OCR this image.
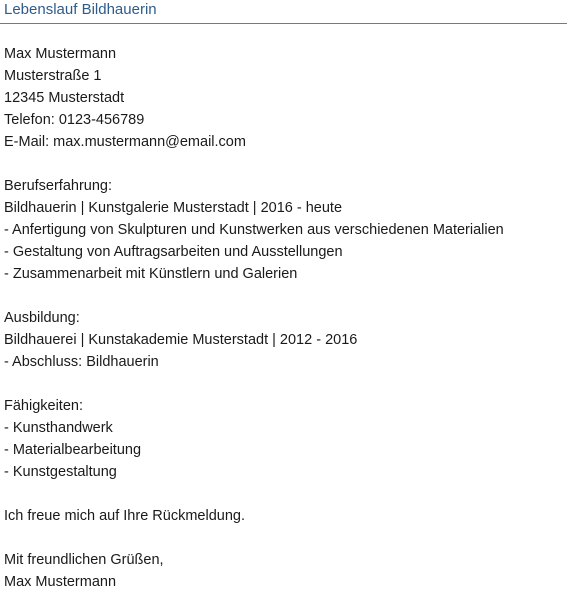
Lebenslauf Bildhauerin
Max Mustermann
Musterstraße 1
12345 Musterstadt
Telefon: 0123-456789
E-Mail: max.mustermann@email.com
Berufserfahrung:
Bildhauerin | Kunstgalerie Musterstadt | 2016 - heute
- Anfertigung von Skulpturen und Kunstwerken aus verschiedenen Materialien
- Gestaltung von Auftragsarbeiten und Ausstellungen
- Zusammenarbeit mit Künstlern und Galerien
Ausbildung:
Bildhauerei | Kunstakademie Musterstadt | 2012 - 2016
- Abschluss: Bildhauerin
Fähigkeiten:
- Kunsthandwerk
- Materialbearbeitung
- Kunstgestaltung
Ich freue mich auf Ihre Rückmeldung.
Mit freundlichen Grüßen,
Max Mustermann
